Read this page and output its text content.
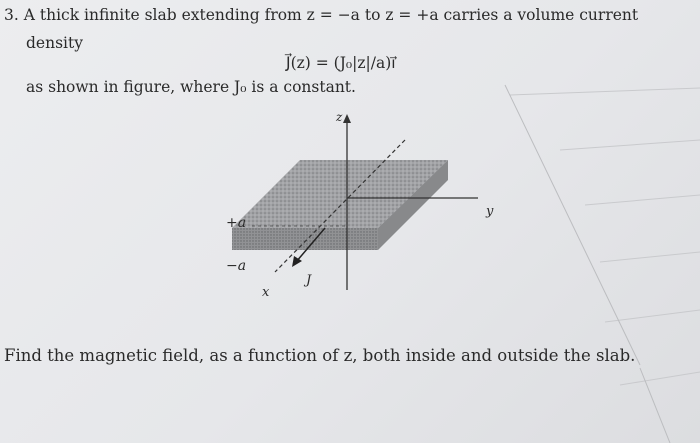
3. A thick infinite slab extending from z = −a to z = +a carries a volume current
density
J⃗(z) = (J₀|z|/a)ı⃗
as shown in figure, where J₀ is a constant.
z
y
x
+a
−a
J
Find the magnetic field, as a function of z, both inside and outside the slab.
